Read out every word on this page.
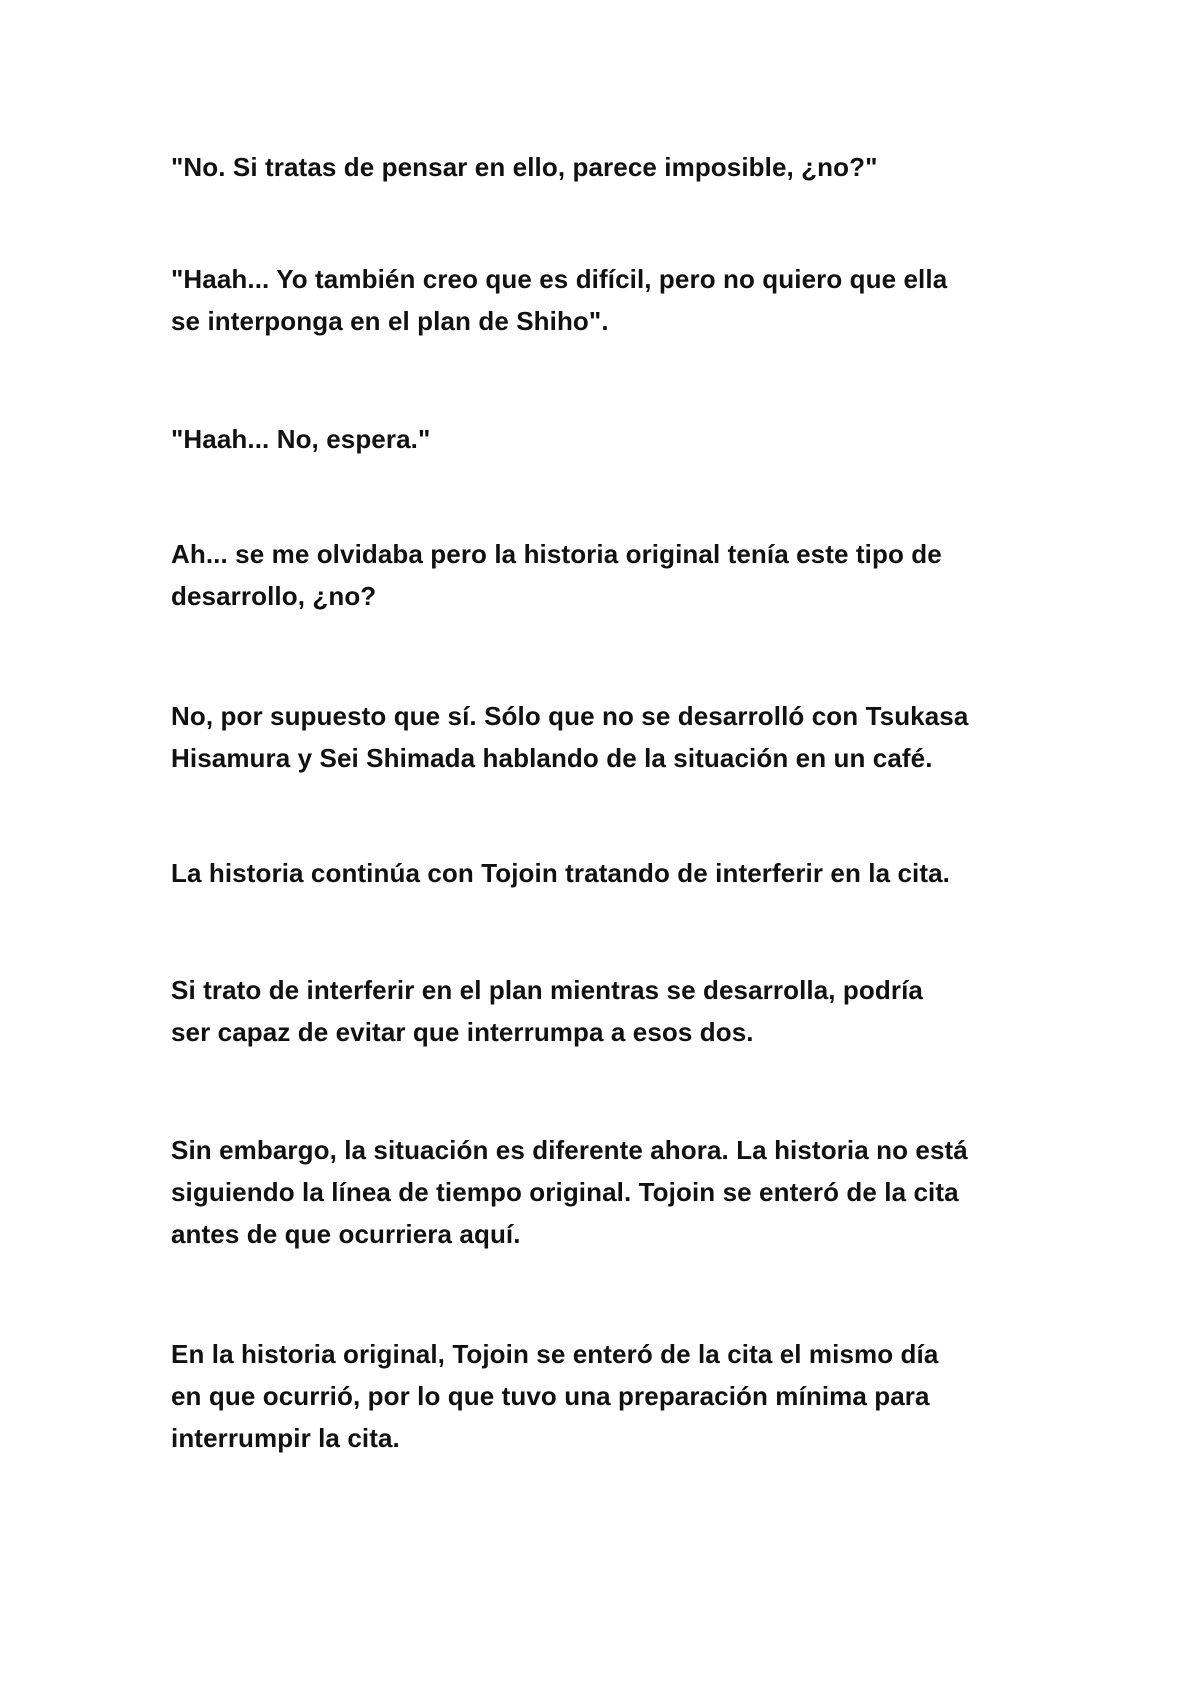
"No. Si tratas de pensar en ello, parece imposible, ¿no?"

"Haah... Yo también creo que es difícil, pero no quiero que ella
se interponga en el plan de Shiho".

"Haah... No, espera."

Ah... se me olvidaba pero la historia original tenía este tipo de
desarrollo, ¿no?

No, por supuesto que sí. Sólo que no se desarrolló con Tsukasa
Hisamura y Sei Shimada hablando de la situación en un café.

La historia continúa con Tojoin tratando de interferir en la cita.

Si trato de interferir en el plan mientras se desarrolla, podría
ser capaz de evitar que interrumpa a esos dos.

Sin embargo, la situación es diferente ahora. La historia no está
siguiendo la línea de tiempo original. Tojoin se enteró de la cita
antes de que ocurriera aquí.

En la historia original, Tojoin se enteró de la cita el mismo día
en que ocurrió, por lo que tuvo una preparación mínima para
interrumpir la cita.
